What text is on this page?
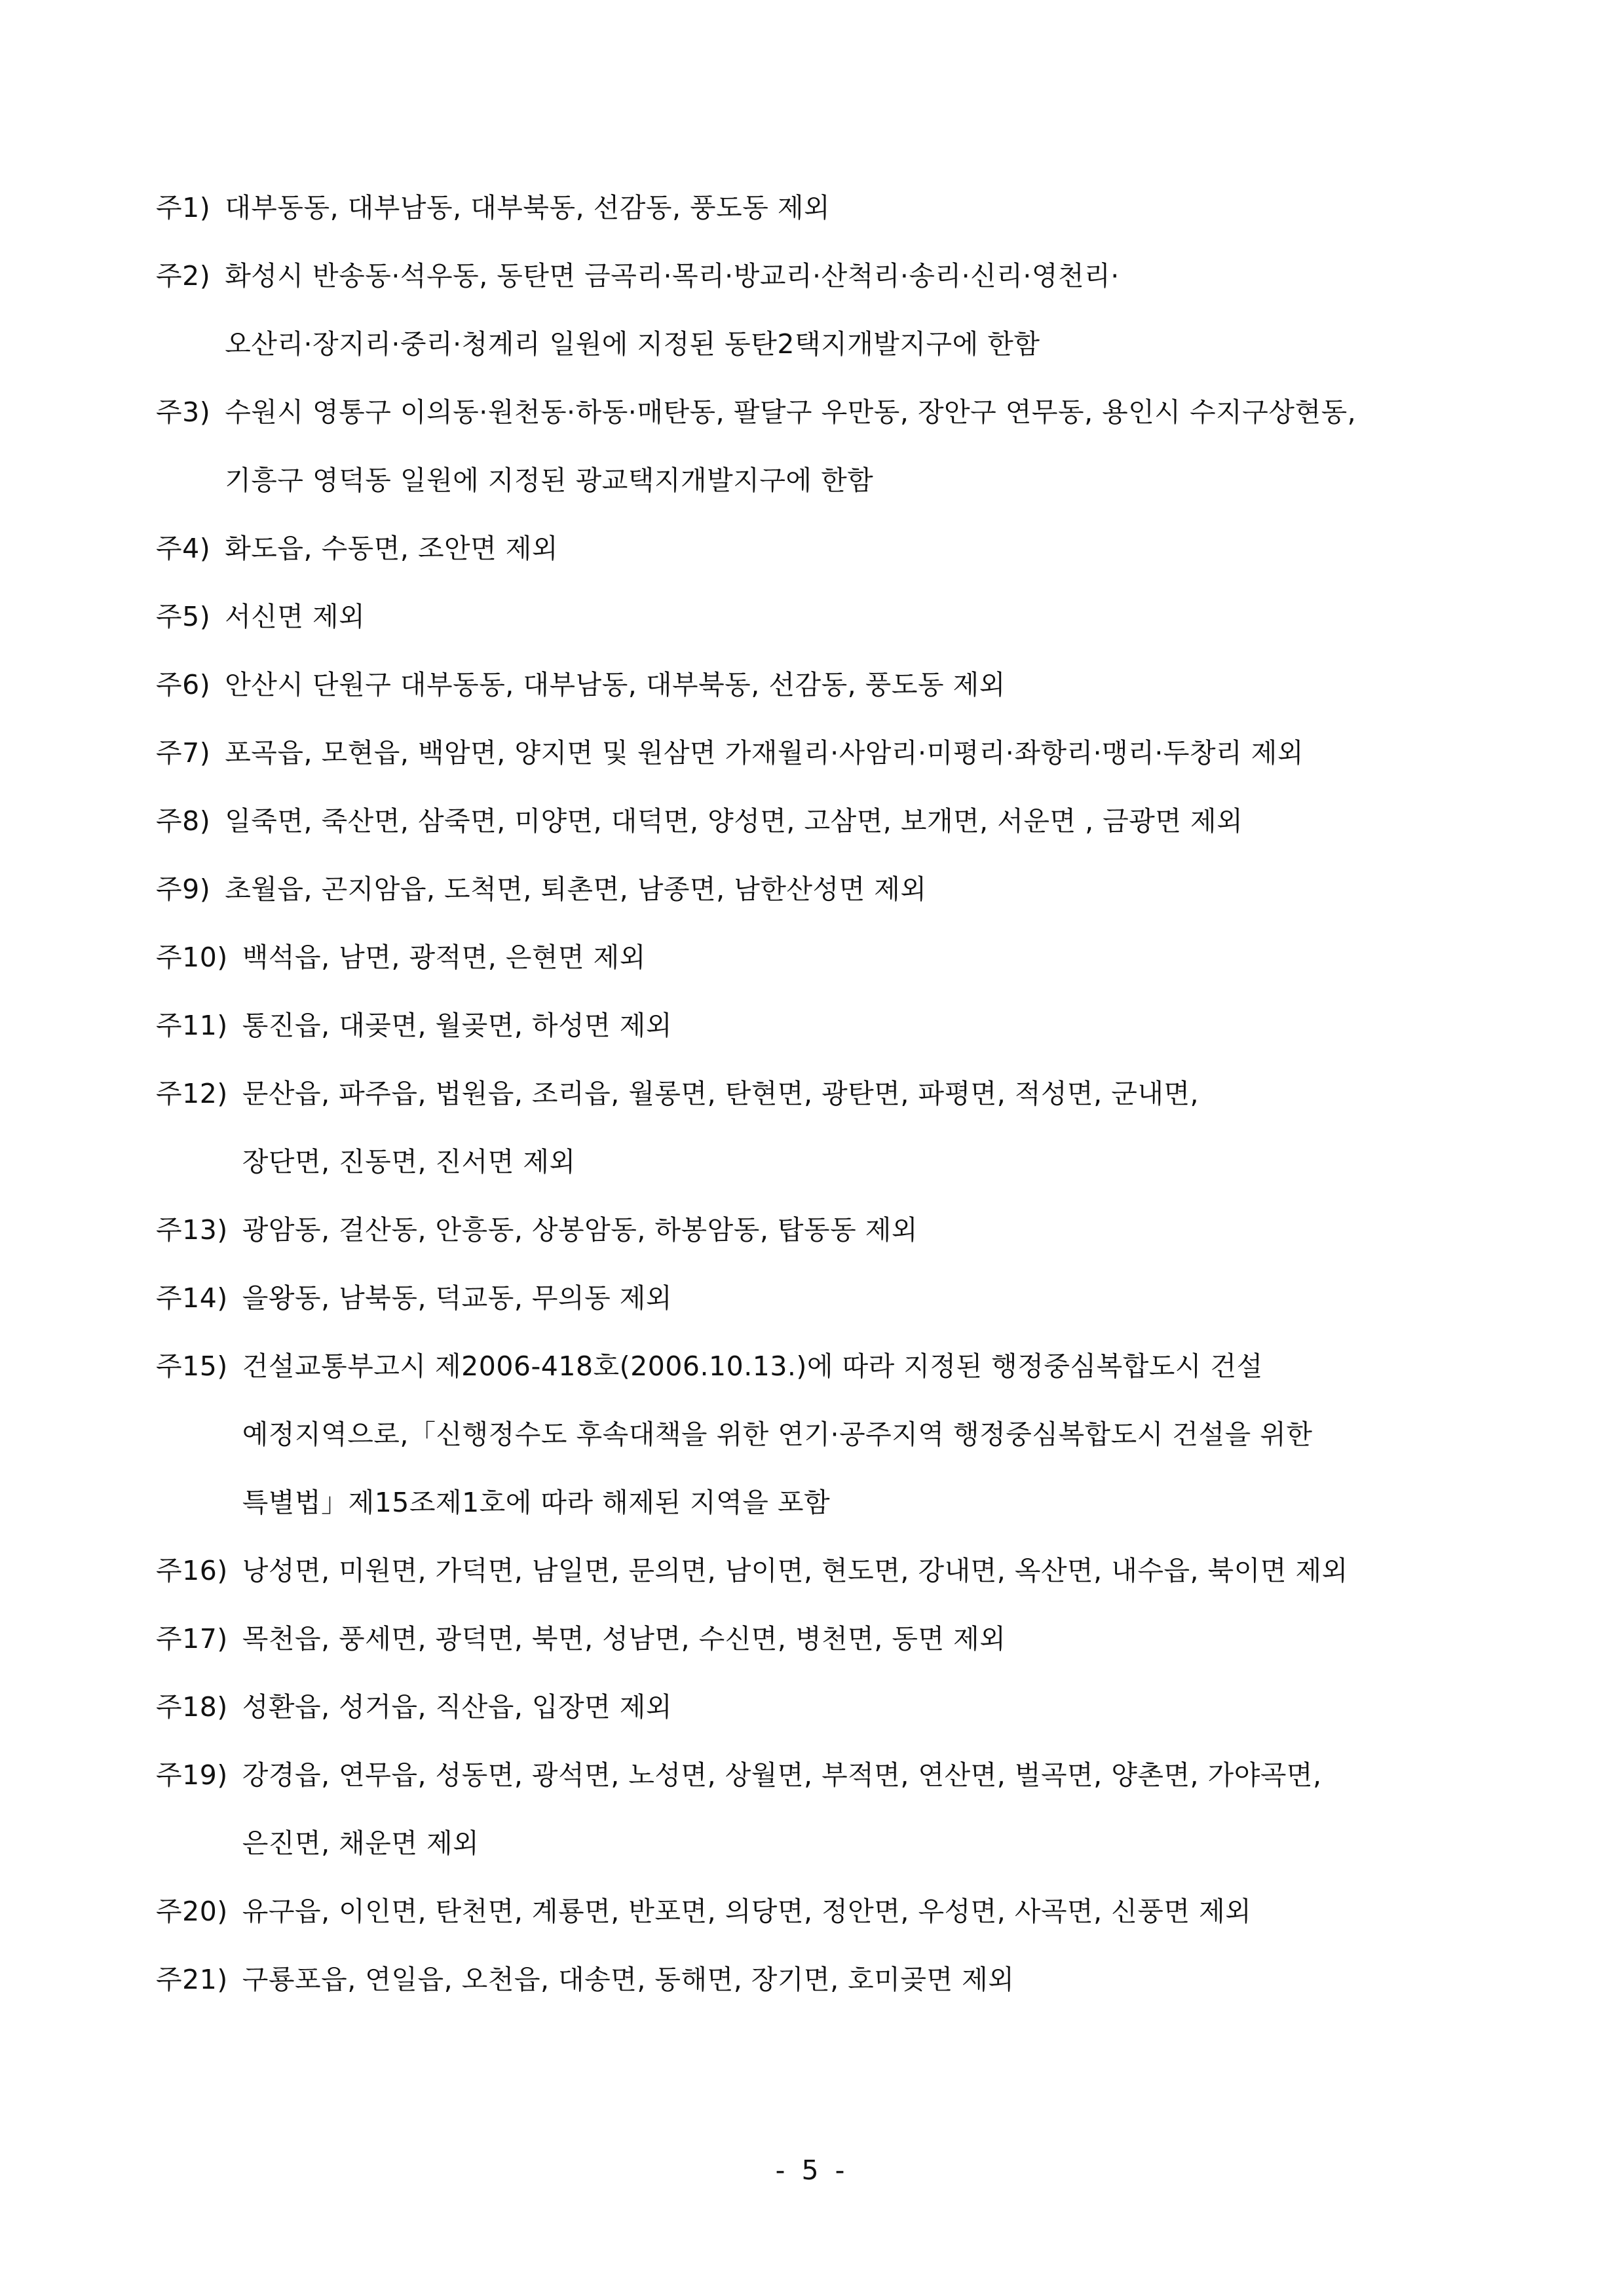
주1) 대부동동, 대부남동, 대부북동, 선감동, 풍도동 제외
주2) 화성시 반송동·석우동, 동탄면 금곡리·목리·방교리·산척리·송리·신리·영천리·
오산리·장지리·중리·청계리 일원에 지정된 동탄2택지개발지구에 한함
주3) 수원시 영통구 이의동·원천동·하동·매탄동, 팔달구 우만동, 장안구 연무동, 용인시 수지구상현동,
기흥구 영덕동 일원에 지정된 광교택지개발지구에 한함
주4) 화도읍, 수동면, 조안면 제외
주5) 서신면 제외
주6) 안산시 단원구 대부동동, 대부남동, 대부북동, 선감동, 풍도동 제외
주7) 포곡읍, 모현읍, 백암면, 양지면 및 원삼면 가재월리·사암리·미평리·좌항리·맹리·두창리 제외
주8) 일죽면, 죽산면, 삼죽면, 미양면, 대덕면, 양성면, 고삼면, 보개면, 서운면 , 금광면 제외
주9) 초월읍, 곤지암읍, 도척면, 퇴촌면, 남종면, 남한산성면 제외
주10) 백석읍, 남면, 광적면, 은현면 제외
주11) 통진읍, 대곶면, 월곶면, 하성면 제외
주12) 문산읍, 파주읍, 법원읍, 조리읍, 월롱면, 탄현면, 광탄면, 파평면, 적성면, 군내면,
장단면, 진동면, 진서면 제외
주13) 광암동, 걸산동, 안흥동, 상봉암동, 하봉암동, 탑동동 제외
주14) 을왕동, 남북동, 덕교동, 무의동 제외
주15) 건설교통부고시 제2006-418호(2006.10.13.)에 따라 지정된 행정중심복합도시 건설
예정지역으로,「신행정수도 후속대책을 위한 연기·공주지역 행정중심복합도시 건설을 위한
특별법」제15조제1호에 따라 해제된 지역을 포함
주16) 낭성면, 미원면, 가덕면, 남일면, 문의면, 남이면, 현도면, 강내면, 옥산면, 내수읍, 북이면 제외
주17) 목천읍, 풍세면, 광덕면, 북면, 성남면, 수신면, 병천면, 동면 제외
주18) 성환읍, 성거읍, 직산읍, 입장면 제외
주19) 강경읍, 연무읍, 성동면, 광석면, 노성면, 상월면, 부적면, 연산면, 벌곡면, 양촌면, 가야곡면,
은진면, 채운면 제외
주20) 유구읍, 이인면, 탄천면, 계룡면, 반포면, 의당면, 정안면, 우성면, 사곡면, 신풍면 제외
주21) 구룡포읍, 연일읍, 오천읍, 대송면, 동해면, 장기면, 호미곶면 제외
- 5 -
